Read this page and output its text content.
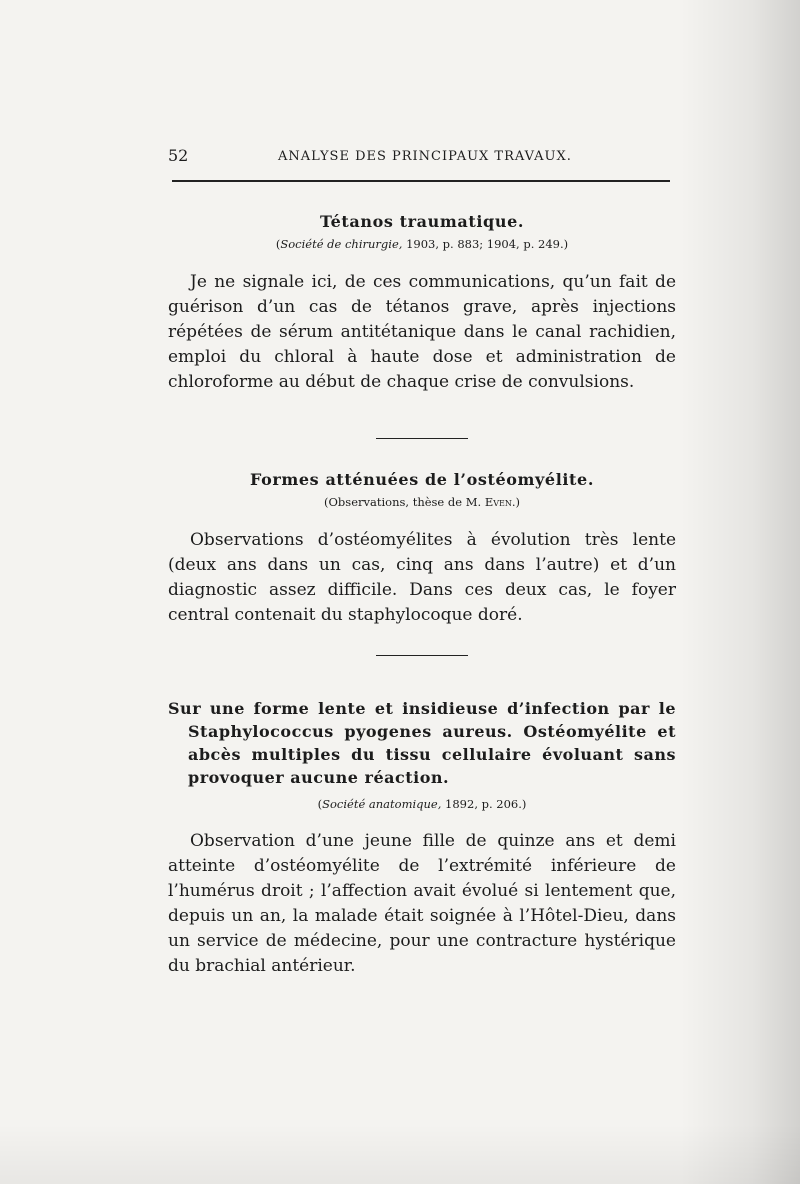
52	ANALYSE DES PRINCIPAUX TRAVAUX.

Tétanos traumatique.

(Société de chirurgie, 1903, p. 883; 1904, p. 249.)

Je ne signale ici, de ces communications, qu’un fait de guérison d’un cas de tétanos grave, après injections répétées de sérum antitétanique dans le canal rachidien, emploi du chloral à haute dose et administration de chloroforme au début de chaque crise de convulsions.

Formes atténuées de l’ostéomyélite.

(Observations, thèse de M. Even.)

Observations d’ostéomyélites à évolution très lente (deux ans dans un cas, cinq ans dans l’autre) et d’un diagnostic assez difficile. Dans ces deux cas, le foyer central contenait du staphylocoque doré.

Sur une forme lente et insidieuse d’infection par le Staphylococcus pyogenes aureus. Ostéomyélite et abcès multiples du tissu cellulaire évoluant sans provoquer aucune réaction.

(Société anatomique, 1892, p. 206.)

Observation d’une jeune fille de quinze ans et demi atteinte d’ostéomyélite de l’extrémité inférieure de l’humérus droit ; l’affection avait évolué si lentement que, depuis un an, la malade était soignée à l’Hôtel-Dieu, dans un service de médecine, pour une contracture hystérique du brachial antérieur.
